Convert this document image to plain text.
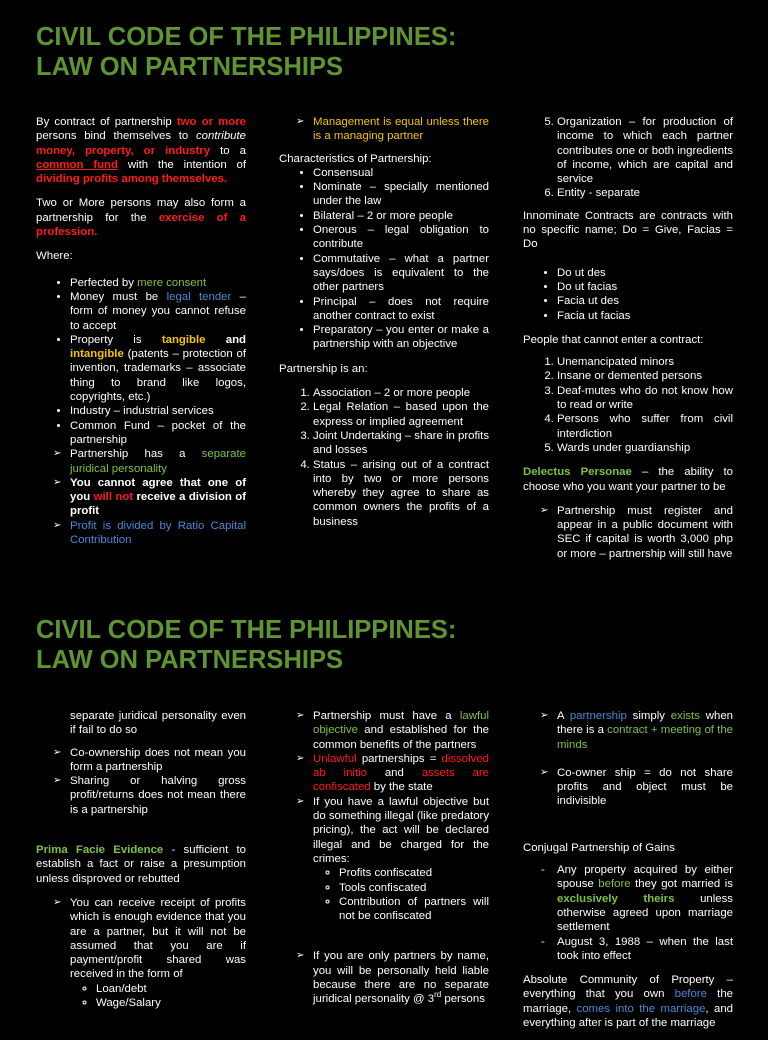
CIVIL CODE OF THE PHILIPPINES:
LAW ON PARTNERSHIPS

By contract of partnership two or more persons bind themselves to contribute money, property, or industry to a common fund with the intention of dividing profits among themselves.

Two or More persons may also form a partnership for the exercise of a profession.

Where:

• Perfected by mere consent
• Money must be legal tender – form of money you cannot refuse to accept
• Property is tangible and intangible (patents – protection of invention, trademarks – associate thing to brand like logos, copyrights, etc.)
• Industry – industrial services
• Common Fund – pocket of the partnership
➢ Partnership has a separate juridical personality
➢ You cannot agree that one of you will not receive a division of profit
➢ Profit is divided by Ratio Capital Contribution
➢ Management is equal unless there is a managing partner

Characteristics of Partnership:

• Consensual
• Nominate – specially mentioned under the law
• Bilateral – 2 or more people
• Onerous – legal obligation to contribute
• Commutative – what a partner says/does is equivalent to the other partners
• Principal – does not require another contract to exist
• Preparatory – you enter or make a partnership with an objective

Partnership is an:

1. Association – 2 or more people
2. Legal Relation – based upon the express or implied agreement
3. Joint Undertaking – share in profits and losses
4. Status – arising out of a contract into by two or more persons whereby they agree to share as common owners the profits of a business
5. Organization – for production of income to which each partner contributes one or both ingredients of income, which are capital and service
6. Entity - separate

Innominate Contracts are contracts with no specific name; Do = Give, Facias = Do

• Do ut des
• Do ut facias
• Facia ut des
• Facia ut facias

People that cannot enter a contract:

1. Unemancipated minors
2. Insane or demented persons
3. Deaf-mutes who do not know how to read or write
4. Persons who suffer from civil interdiction
5. Wards under guardianship

Delectus Personae – the ability to choose who you want your partner to be

➢ Partnership must register and appear in a public document with SEC if capital is worth 3,000 php or more – partnership will still have
CIVIL CODE OF THE PHILIPPINES:
LAW ON PARTNERSHIPS

separate juridical personality even if fail to do so

➢ Co-ownership does not mean you form a partnership
➢ Sharing or halving gross profit/returns does not mean there is a partnership

Prima Facie Evidence - sufficient to establish a fact or raise a presumption unless disproved or rebutted

➢ You can receive receipt of profits which is enough evidence that you are a partner, but it will not be assumed that you are if payment/profit shared was received in the form of
◦ Loan/debt
◦ Wage/Salary
➢ Partnership must have a lawful objective and established for the common benefits of the partners
➢ Unlawful partnerships = dissolved ab initio and assets are confiscated by the state
➢ If you have a lawful objective but do something illegal (like predatory pricing), the act will be declared illegal and be charged for the crimes:
◦ Profits confiscated
◦ Tools confiscated
◦ Contribution of partners will not be confiscated
➢ If you are only partners by name, you will be personally held liable because there are no separate juridical personality @ 3rd persons
➢ A partnership simply exists when there is a contract + meeting of the minds
➢ Co-owner ship = do not share profits and object must be indivisible

Conjugal Partnership of Gains

- Any property acquired by either spouse before they got married is exclusively theirs unless otherwise agreed upon marriage settlement
- August 3, 1988 – when the last took into effect

Absolute Community of Property – everything that you own before the marriage, comes into the marriage, and everything after is part of the marriage
